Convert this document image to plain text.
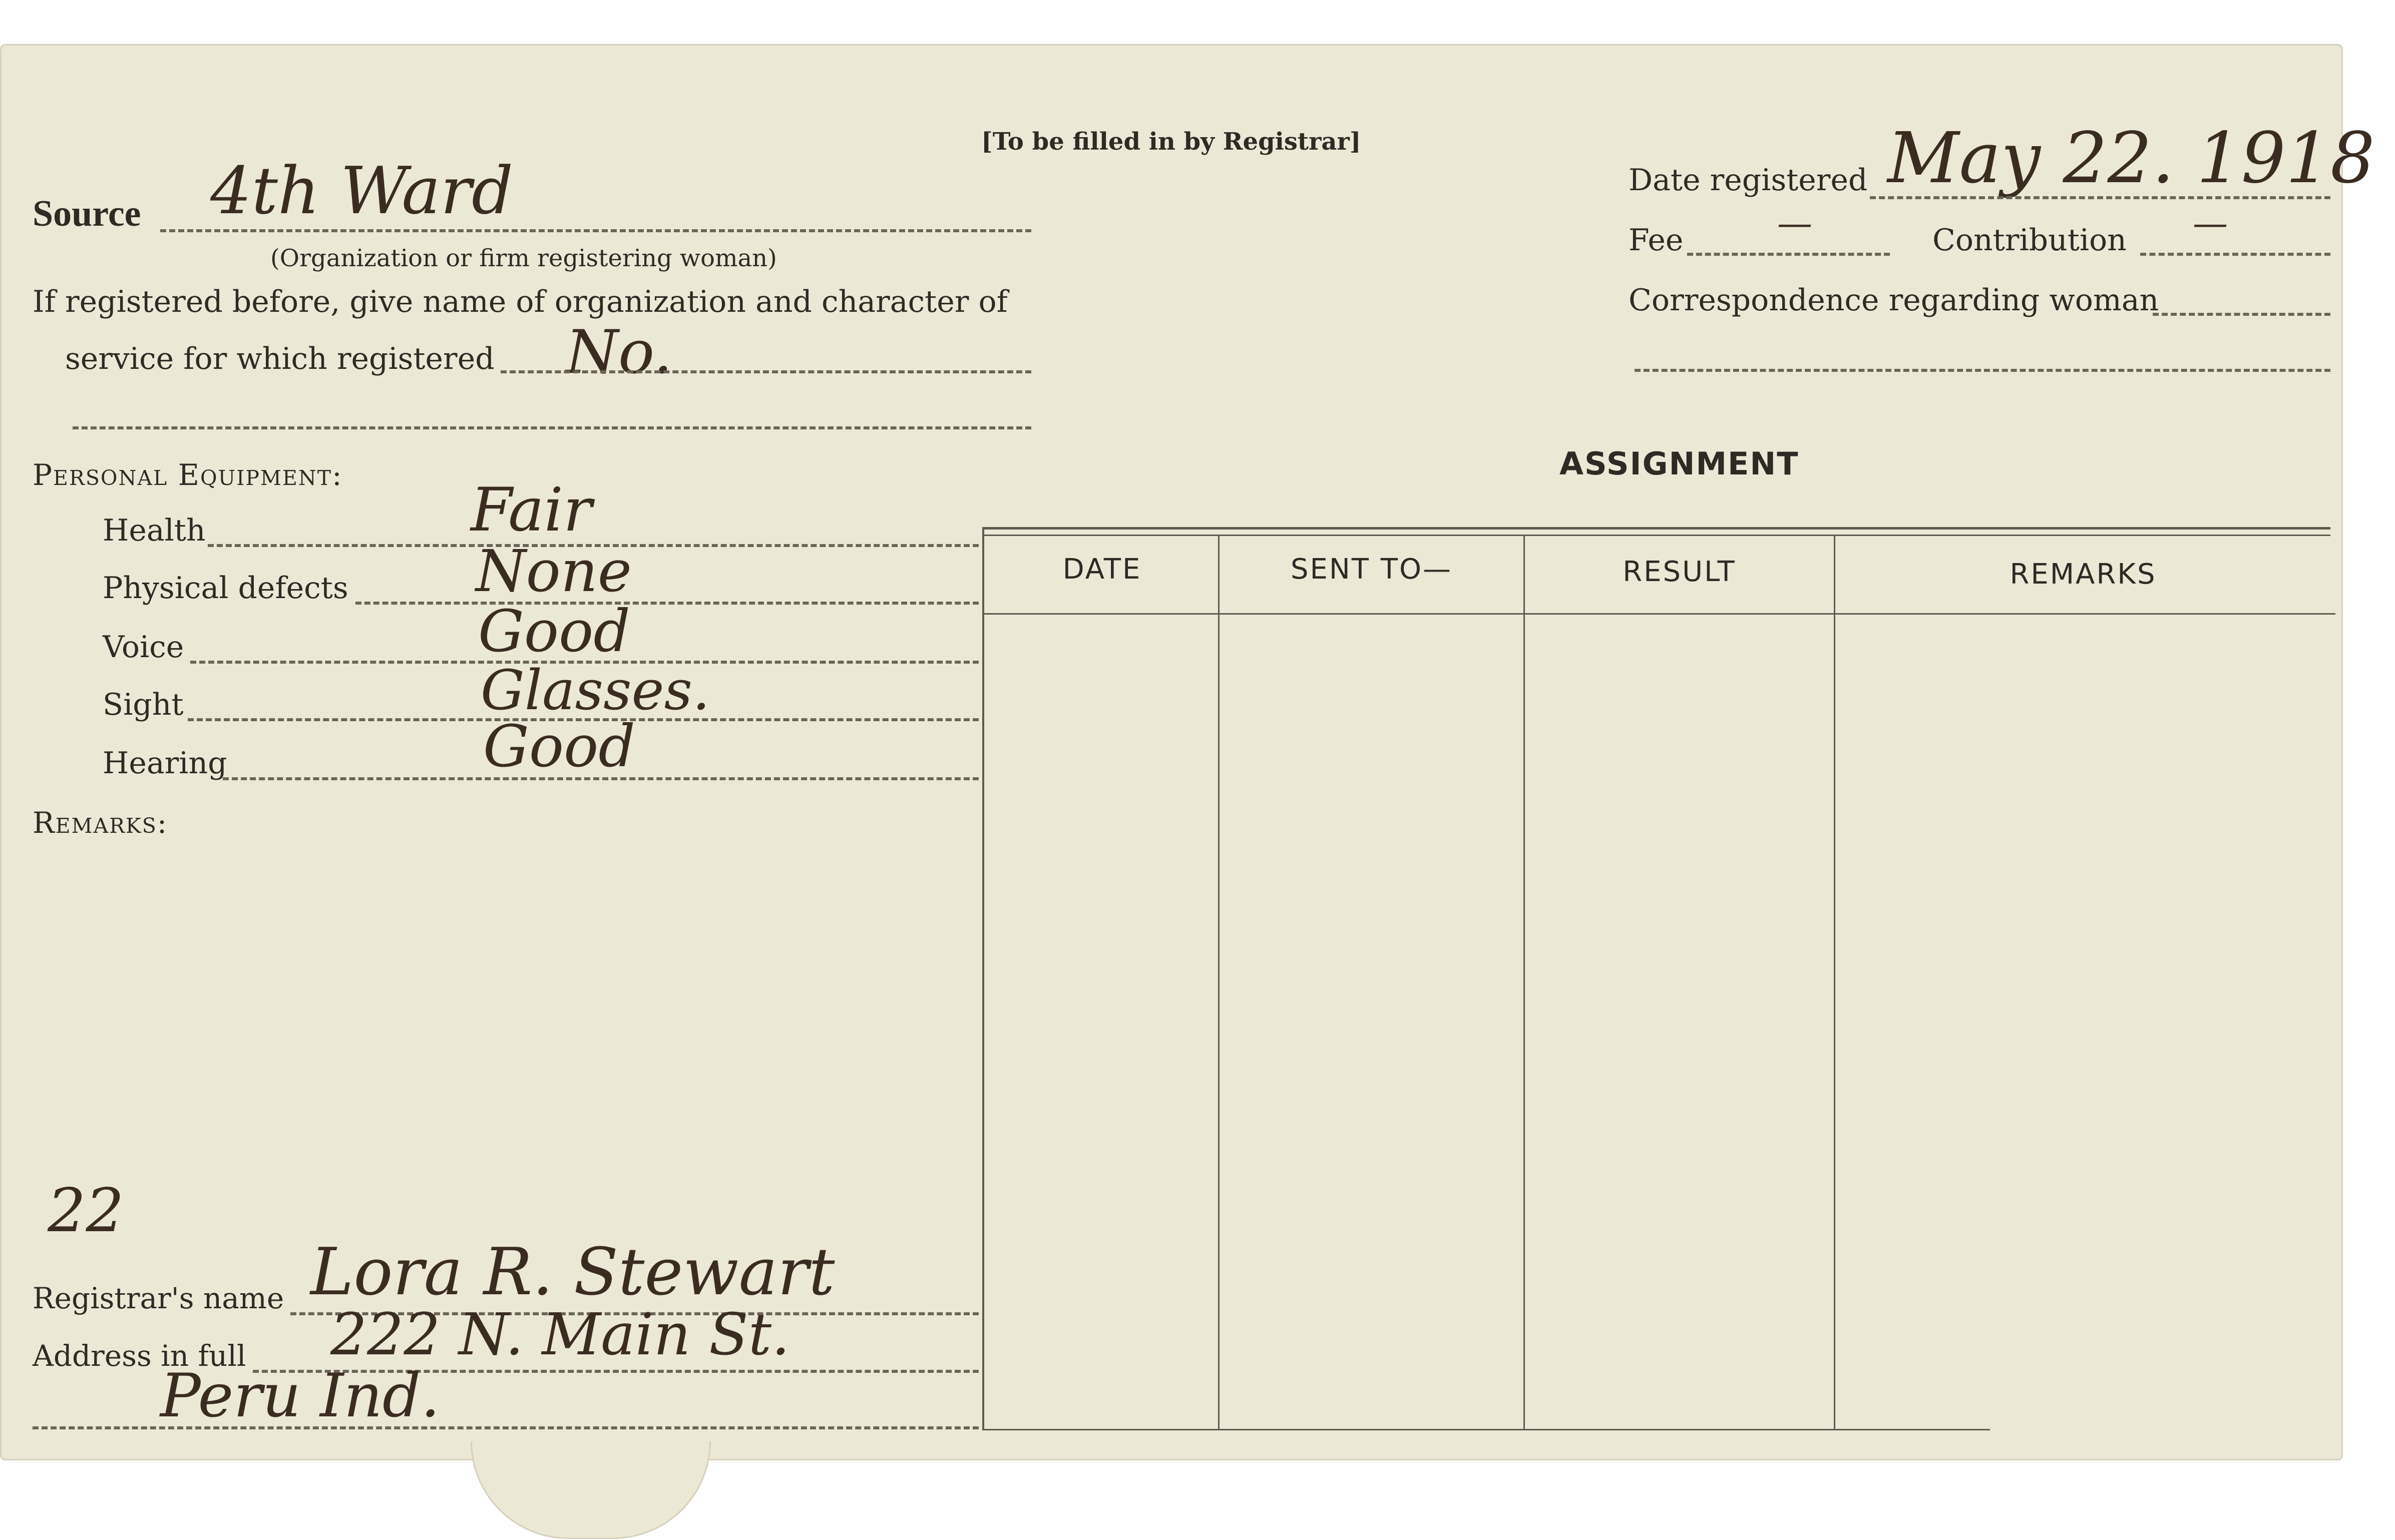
[To be filled in by Registrar]
Source 4th Ward
(Organization or firm registering woman)
If registered before, give name of organization and character of
service for which registered No.
Date registered May 22. 1918
Fee	—	Contribution —
Correspondence regarding woman
Personal Equipment:
Health	Fair
Physical defects None
Voice	Good
Sight	Glasses.
Hearing	Good
Remarks:
22
Registrar's name Lora R. Stewart
Address in full 222 N. Main St.
Peru Ind.
ASSIGNMENT
DATE	SENT TO—	RESULT	REMARKS
